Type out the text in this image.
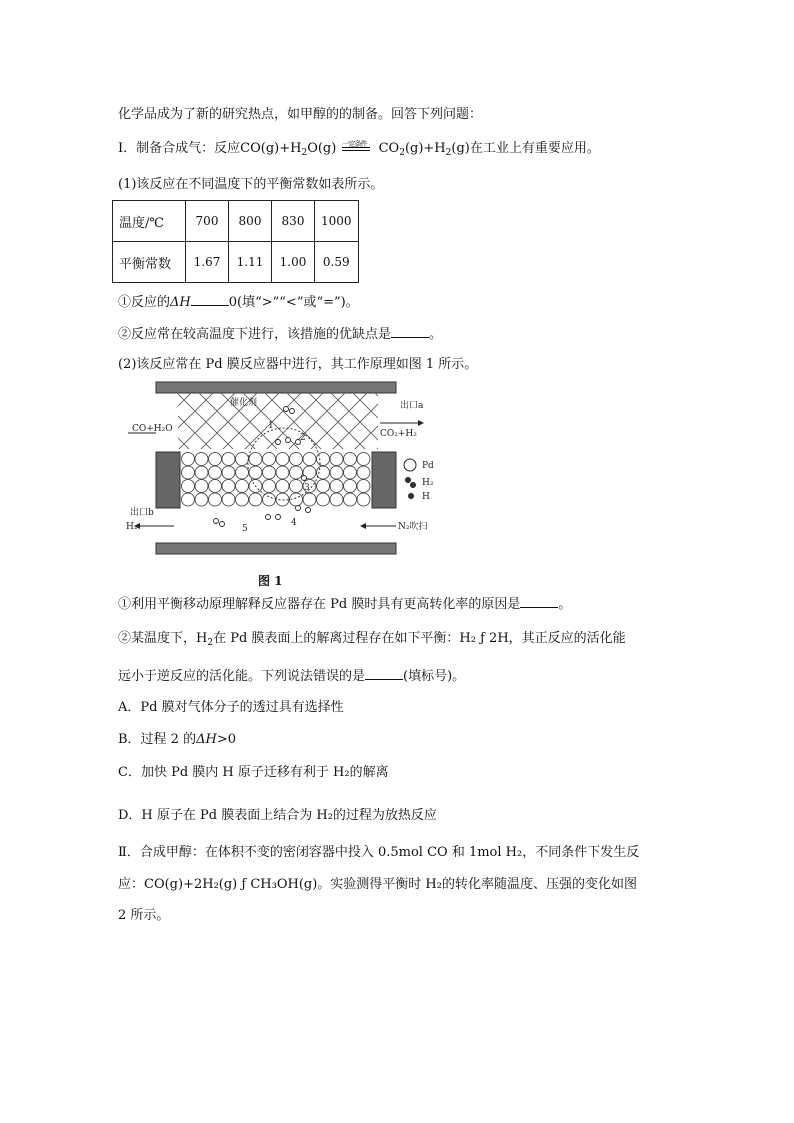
化学品成为了新的研究热点，如甲醇的的制备。回答下列问题：
I．制备合成气：反应$CO(g)+H_2O(g)$ 一定条件 $CO_2(g)+H_2(g)$在工业上有重要应用。
(1)该反应在不同温度下的平衡常数如表所示。
温度/℃	700	800	830	1000
平衡常数	1.67	1.11	1.00	0.59
①反应的ΔH	0(填“>”“<”或“=”)。
②反应常在较高温度下进行，该措施的优缺点是	。
(2)该反应常在 Pd 膜反应器中进行，其工作原理如图 1 所示。
催化剂	出口a
CO+H₂O	CO₂+H₂
Pd
H₂
H
出口b
H₂	N₂吹扫
1
2
3
4
5
图 1
①利用平衡移动原理解释反应器存在 Pd 膜时具有更高转化率的原因是	。
②某温度下，$H_2$在 Pd 膜表面上的解离过程存在如下平衡：H₂ ƒ 2H，其正反应的活化能
远小于逆反应的活化能。下列说法错误的是	(填标号)。
A．Pd 膜对气体分子的透过具有选择性
B．过程 2 的ΔH>0
C．加快 Pd 膜内 H 原子迁移有利于 H₂的解离
D．H 原子在 Pd 膜表面上结合为 H₂的过程为放热反应
Ⅱ．合成甲醇：在体积不变的密闭容器中投入 0.5mol CO 和 1mol H₂，不同条件下发生反
应：CO(g)+2H₂(g) ƒ CH₃OH(g)。实验测得平衡时 H₂的转化率随温度、压强的变化如图
2 所示。
